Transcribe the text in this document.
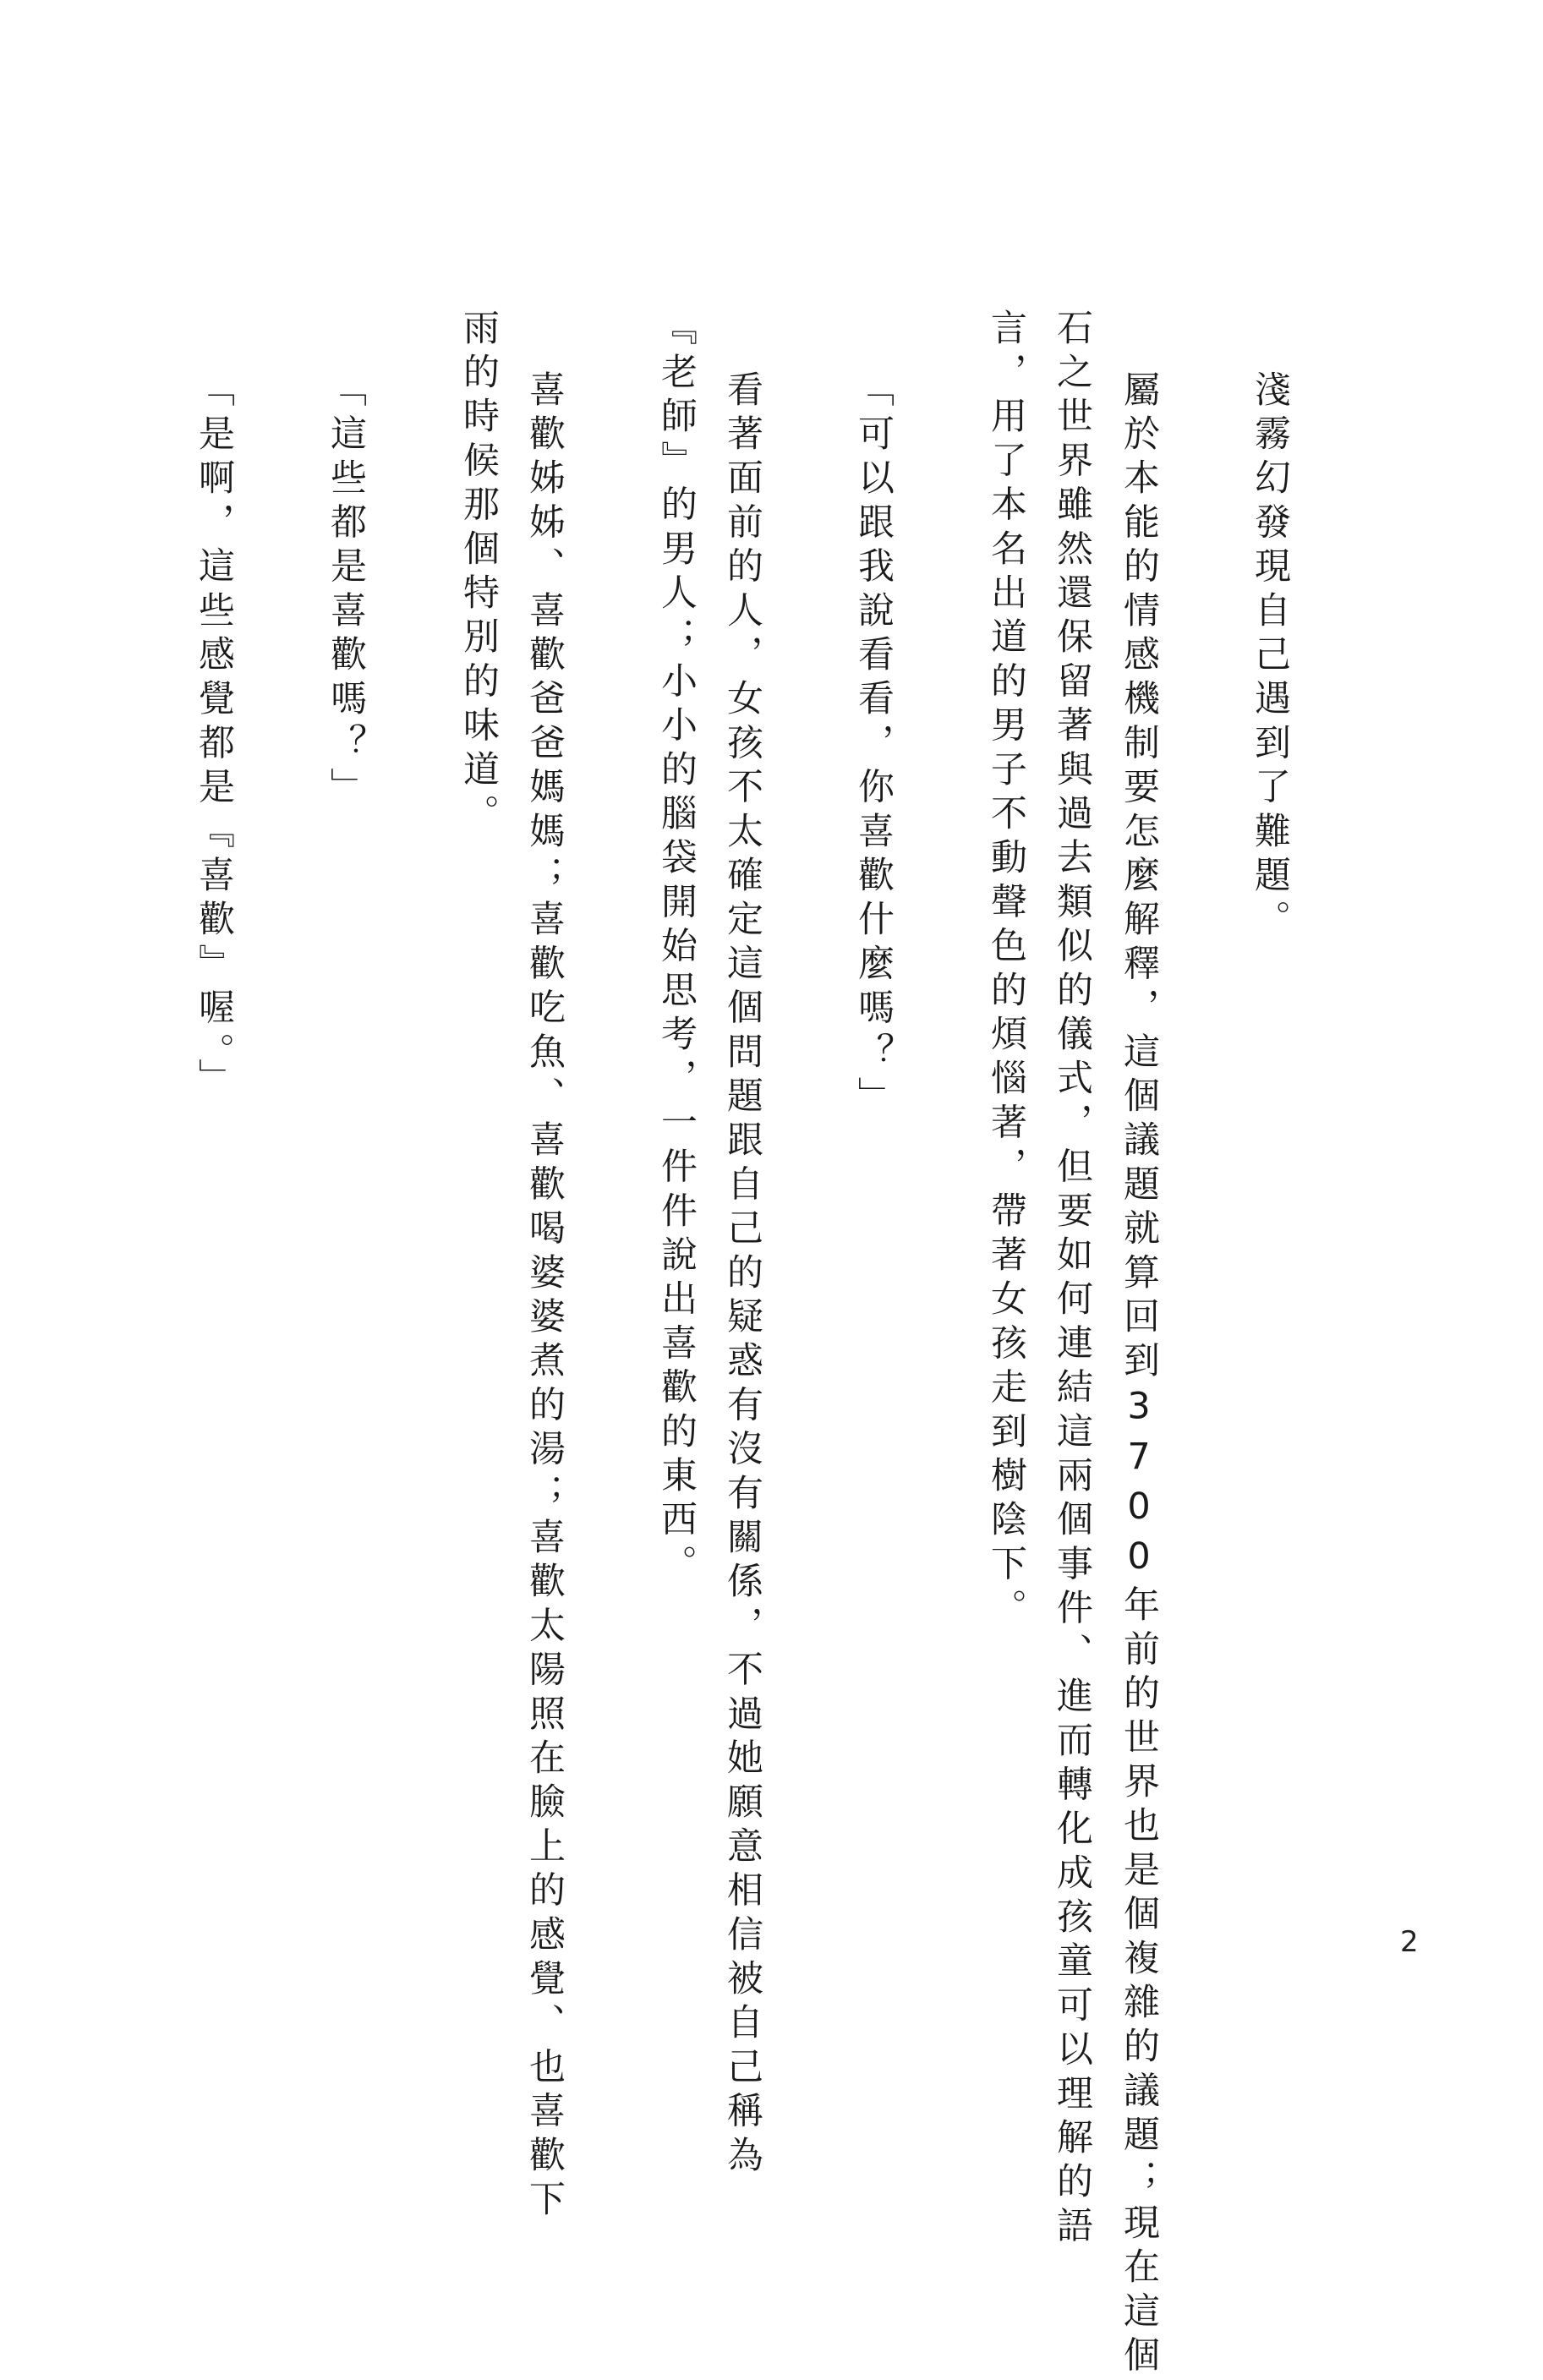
淺霧幻發現自己遇到了難題。
屬於本能的情感機制要怎麼解釋，這個議題就算回到3700年前的世界也是個複雜的議題；現在這個
石之世界雖然還保留著與過去類似的儀式，但要如何連結這兩個事件、進而轉化成孩童可以理解的語
言，用了本名出道的男子不動聲色的煩惱著，帶著女孩走到樹陰下。
「可以跟我說看看，你喜歡什麼嗎？」
看著面前的人，女孩不太確定這個問題跟自己的疑惑有沒有關係，不過她願意相信被自己稱為
『老師』的男人；小小的腦袋開始思考，一件件說出喜歡的東西。
喜歡姊姊、喜歡爸爸媽媽；喜歡吃魚、喜歡喝婆婆煮的湯；喜歡太陽照在臉上的感覺、也喜歡下
雨的時候那個特別的味道。
「這些都是喜歡嗎？」
「是啊，這些感覺都是『喜歡』喔。」
2
